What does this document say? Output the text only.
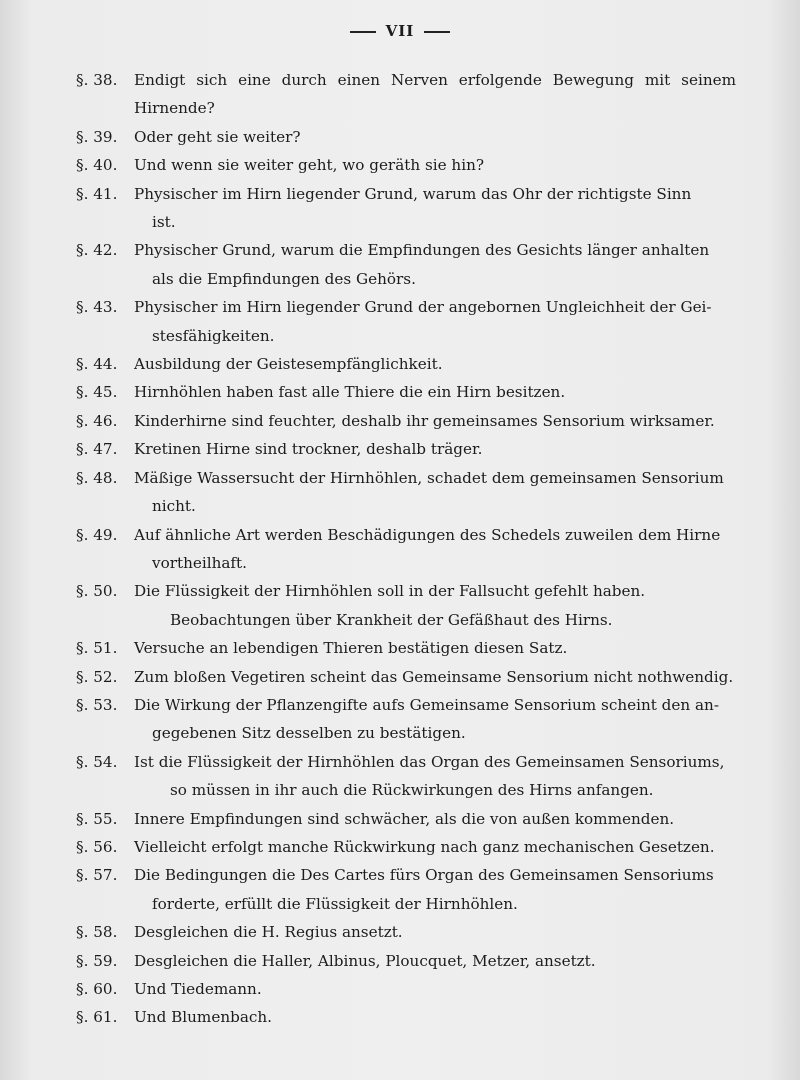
VII
§. 38.	Endigt sich eine durch einen Nerven erfolgende Bewegung mit seinem Hirnende?
§. 39.	Oder geht sie weiter?
§. 40.	Und wenn sie weiter geht, wo geräth sie hin?
§. 41.	Physischer im Hirn liegender Grund, warum das Ohr der richtigste Sinn
ist.
§. 42.	Physischer Grund, warum die Empfindungen des Gesichts länger anhalten
als die Empfindungen des Gehörs.
§. 43.	Physischer im Hirn liegender Grund der angebornen Ungleichheit der Gei-
stesfähigkeiten.
§. 44.	Ausbildung der Geistesempfänglichkeit.
§. 45.	Hirnhöhlen haben fast alle Thiere die ein Hirn besitzen.
§. 46.	Kinderhirne sind feuchter, deshalb ihr gemeinsames Sensorium wirksamer.
§. 47.	Kretinen Hirne sind trockner, deshalb träger.
§. 48.	Mäßige Wassersucht der Hirnhöhlen, schadet dem gemeinsamen Sensorium
nicht.
§. 49.	Auf ähnliche Art werden Beschädigungen des Schedels zuweilen dem Hirne
vortheilhaft.
§. 50.	Die Flüssigkeit der Hirnhöhlen soll in der Fallsucht gefehlt haben.
Beobachtungen über Krankheit der Gefäßhaut des Hirns.
§. 51.	Versuche an lebendigen Thieren bestätigen diesen Satz.
§. 52.	Zum bloßen Vegetiren scheint das Gemeinsame Sensorium nicht nothwendig.
§. 53.	Die Wirkung der Pflanzengifte aufs Gemeinsame Sensorium scheint den an-
gegebenen Sitz desselben zu bestätigen.
§. 54.	Ist die Flüssigkeit der Hirnhöhlen das Organ des Gemeinsamen Sensoriums,
so müssen in ihr auch die Rückwirkungen des Hirns anfangen.
§. 55.	Innere Empfindungen sind schwächer, als die von außen kommenden.
§. 56.	Vielleicht erfolgt manche Rückwirkung nach ganz mechanischen Gesetzen.
§. 57.	Die Bedingungen die Des Cartes fürs Organ des Gemeinsamen Sensoriums
forderte, erfüllt die Flüssigkeit der Hirnhöhlen.
§. 58.	Desgleichen die H. Regius ansetzt.
§. 59.	Desgleichen die Haller, Albinus, Ploucquet, Metzer, ansetzt.
§. 60.	Und Tiedemann.
§. 61.	Und Blumenbach.
